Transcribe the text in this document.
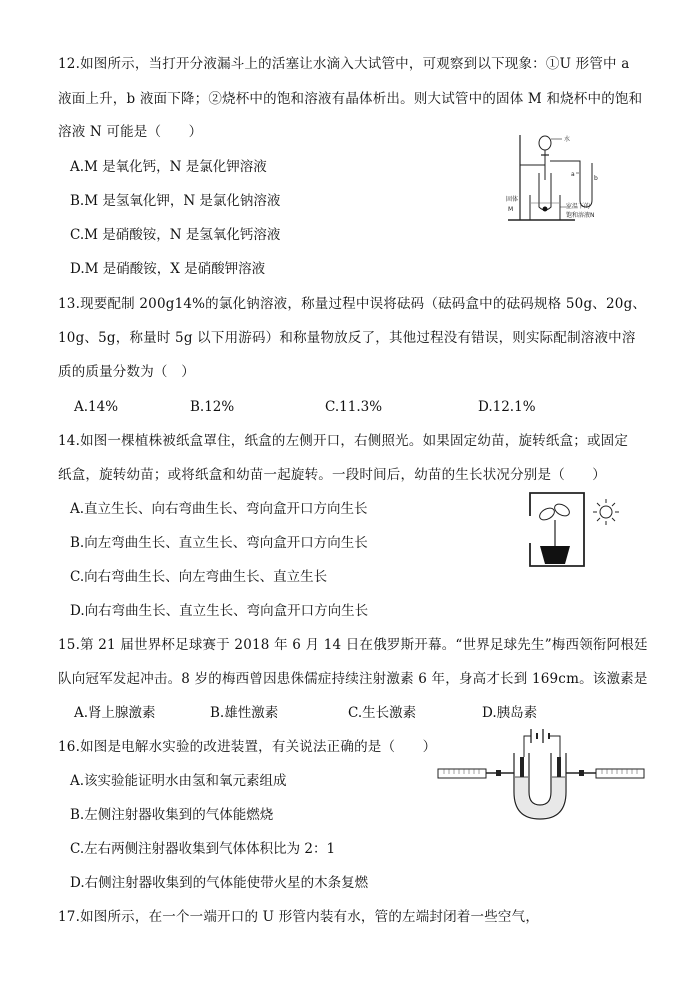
12.如图所示，当打开分液漏斗上的活塞让水滴入大试管中，可观察到以下现象：①U 形管中 a
液面上升，b 液面下降；②烧杯中的饱和溶液有晶体析出。则大试管中的固体 M 和烧杯中的饱和
溶液 N 可能是（　　）
A.M 是氧化钙，N 是氯化钾溶液
B.M 是氢氧化钾，N 是氯化钠溶液
C.M 是硝酸铵，N 是氢氧化钙溶液
D.M 是硝酸铵，X 是硝酸钾溶液
水
a
b
固体
M	室温下的
饱和溶液N
13.现要配制 200g14%的氯化钠溶液，称量过程中误将砝码（砝码盒中的砝码规格 50g、20g、
10g、5g，称量时 5g 以下用游码）和称量物放反了，其他过程没有错误，则实际配制溶液中溶
质的质量分数为（　）
A.14%	B.12%	C.11.3%	D.12.1%
14.如图一棵植株被纸盒罩住，纸盒的左侧开口，右侧照光。如果固定幼苗，旋转纸盒；或固定
纸盒，旋转幼苗；或将纸盒和幼苗一起旋转。一段时间后，幼苗的生长状况分别是（　　）
A.直立生长、向右弯曲生长、弯向盒开口方向生长
B.向左弯曲生长、直立生长、弯向盒开口方向生长
C.向右弯曲生长、向左弯曲生长、直立生长
D.向右弯曲生长、直立生长、弯向盒开口方向生长
15.第 21 届世界杯足球赛于 2018 年 6 月 14 日在俄罗斯开幕。“世界足球先生”梅西领衔阿根廷
队向冠军发起冲击。8 岁的梅西曾因患侏儒症持续注射激素 6 年，身高才长到 169cm。该激素是
A.肾上腺激素	B.雄性激素	C.生长激素	D.胰岛素
16.如图是电解水实验的改进装置，有关说法正确的是（　　）
A.该实验能证明水由氢和氧元素组成
B.左侧注射器收集到的气体能燃烧
C.左右两侧注射器收集到气体体积比为 2：1
D.右侧注射器收集到的气体能使带火星的木条复燃
17.如图所示，在一个一端开口的 U 形管内装有水，管的左端封闭着一些空气，
